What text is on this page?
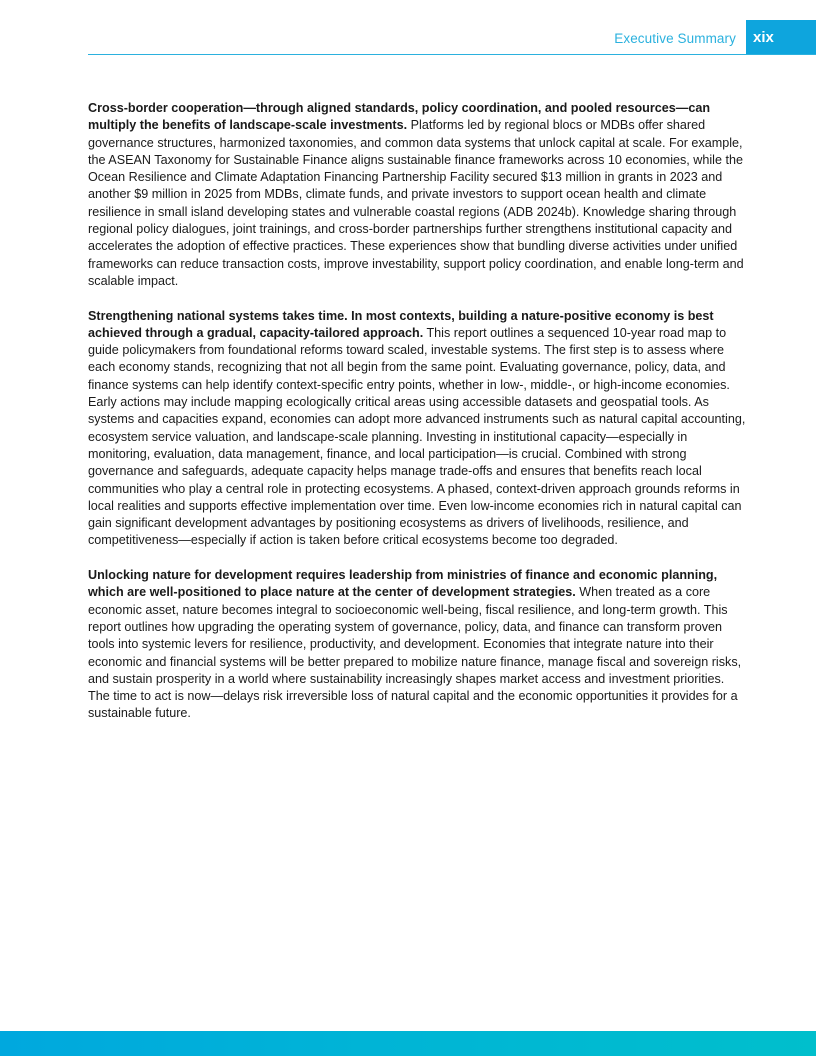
Executive Summary	xix

Cross-border cooperation—through aligned standards, policy coordination, and pooled resources—can multiply the benefits of landscape-scale investments. Platforms led by regional blocs or MDBs offer shared governance structures, harmonized taxonomies, and common data systems that unlock capital at scale. For example, the ASEAN Taxonomy for Sustainable Finance aligns sustainable finance frameworks across 10 economies, while the Ocean Resilience and Climate Adaptation Financing Partnership Facility secured $13 million in grants in 2023 and another $9 million in 2025 from MDBs, climate funds, and private investors to support ocean health and climate resilience in small island developing states and vulnerable coastal regions (ADB 2024b). Knowledge sharing through regional policy dialogues, joint trainings, and cross-border partnerships further strengthens institutional capacity and accelerates the adoption of effective practices. These experiences show that bundling diverse activities under unified frameworks can reduce transaction costs, improve investability, support policy coordination, and enable long-term and scalable impact.

Strengthening national systems takes time. In most contexts, building a nature-positive economy is best achieved through a gradual, capacity-tailored approach. This report outlines a sequenced 10-year road map to guide policymakers from foundational reforms toward scaled, investable systems. The first step is to assess where each economy stands, recognizing that not all begin from the same point. Evaluating governance, policy, data, and finance systems can help identify context-specific entry points, whether in low-, middle-, or high-income economies. Early actions may include mapping ecologically critical areas using accessible datasets and geospatial tools. As systems and capacities expand, economies can adopt more advanced instruments such as natural capital accounting, ecosystem service valuation, and landscape-scale planning. Investing in institutional capacity—especially in monitoring, evaluation, data management, finance, and local participation—is crucial. Combined with strong governance and safeguards, adequate capacity helps manage trade-offs and ensures that benefits reach local communities who play a central role in protecting ecosystems. A phased, context-driven approach grounds reforms in local realities and supports effective implementation over time. Even low-income economies rich in natural capital can gain significant development advantages by positioning ecosystems as drivers of livelihoods, resilience, and competitiveness—especially if action is taken before critical ecosystems become too degraded.

Unlocking nature for development requires leadership from ministries of finance and economic planning, which are well-positioned to place nature at the center of development strategies. When treated as a core economic asset, nature becomes integral to socioeconomic well-being, fiscal resilience, and long-term growth. This report outlines how upgrading the operating system of governance, policy, data, and finance can transform proven tools into systemic levers for resilience, productivity, and development. Economies that integrate nature into their economic and financial systems will be better prepared to mobilize nature finance, manage fiscal and sovereign risks, and sustain prosperity in a world where sustainability increasingly shapes market access and investment priorities. The time to act is now—delays risk irreversible loss of natural capital and the economic opportunities it provides for a sustainable future.
